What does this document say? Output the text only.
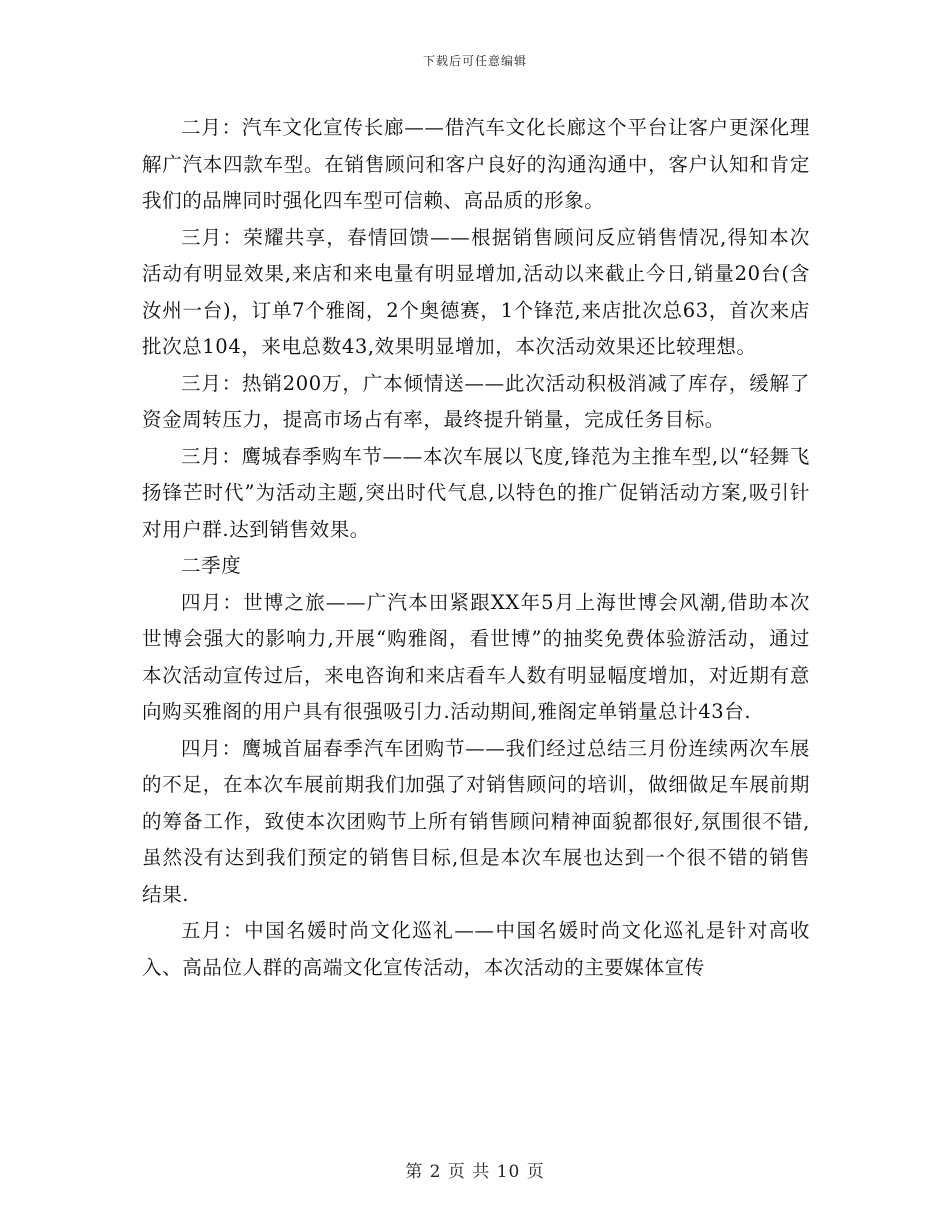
下载后可任意编辑

二月：汽车文化宣传长廊——借汽车文化长廊这个平台让客户更深化理解广汽本四款车型。在销售顾问和客户良好的沟通沟通中，客户认知和肯定我们的品牌同时强化四车型可信赖、高品质的形象。

三月：荣耀共享，春情回馈——根据销售顾问反应销售情况,得知本次活动有明显效果,来店和来电量有明显增加,活动以来截止今日,销量20台(含汝州一台)，订单7个雅阁，2个奥德赛，1个锋范,来店批次总63，首次来店批次总104，来电总数43,效果明显增加，本次活动效果还比较理想。

三月：热销200万，广本倾情送——此次活动积极消减了库存，缓解了资金周转压力，提高市场占有率，最终提升销量，完成任务目标。

三月：鹰城春季购车节——本次车展以飞度,锋范为主推车型,以“轻舞飞扬锋芒时代”为活动主题,突出时代气息,以特色的推广促销活动方案,吸引针对用户群.达到销售效果。

二季度

四月：世博之旅——广汽本田紧跟XX年5月上海世博会风潮,借助本次世博会强大的影响力,开展“购雅阁，看世博”的抽奖免费体验游活动，通过本次活动宣传过后，来电咨询和来店看车人数有明显幅度增加，对近期有意向购买雅阁的用户具有很强吸引力.活动期间,雅阁定单销量总计43台.

四月：鹰城首届春季汽车团购节——我们经过总结三月份连续两次车展的不足，在本次车展前期我们加强了对销售顾问的培训，做细做足车展前期的筹备工作，致使本次团购节上所有销售顾问精神面貌都很好,氛围很不错,虽然没有达到我们预定的销售目标,但是本次车展也达到一个很不错的销售结果.

五月：中国名媛时尚文化巡礼——中国名媛时尚文化巡礼是针对高收入、高品位人群的高端文化宣传活动，本次活动的主要媒体宣传

第 2 页 共 10 页
